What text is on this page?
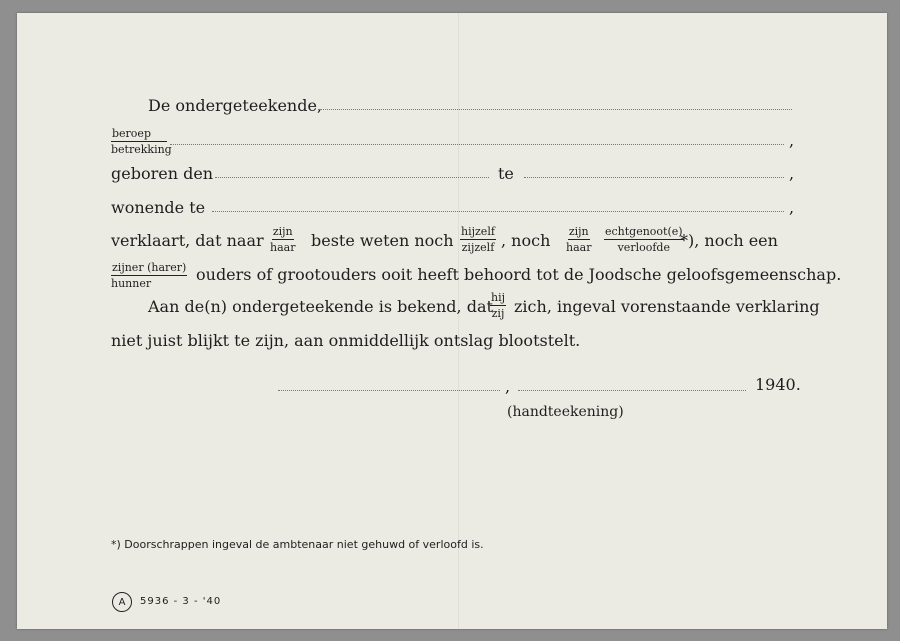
De ondergeteekende,
beroep
betrekking	,
geboren den	te	,
wonende te	,
verklaart, dat naar zijn
haar beste weten noch hijzelf
zijzelf , noch zijn
haar
echtgenoot(e)
verloofde *), noch een
zijner (harer)
hunner	ouders of grootouders ooit heeft behoord tot de Joodsche geloofsgemeenschap.
Aan de(n) ondergeteekende is bekend, dat
hij
zij zich, ingeval vorenstaande verklaring
niet juist blijkt te zijn, aan onmiddellijk ontslag blootstelt.
,	1940.
(handteekening)
*) Doorschrappen ingeval de ambtenaar niet gehuwd of verloofd is.
A 5936 - 3 - '40
